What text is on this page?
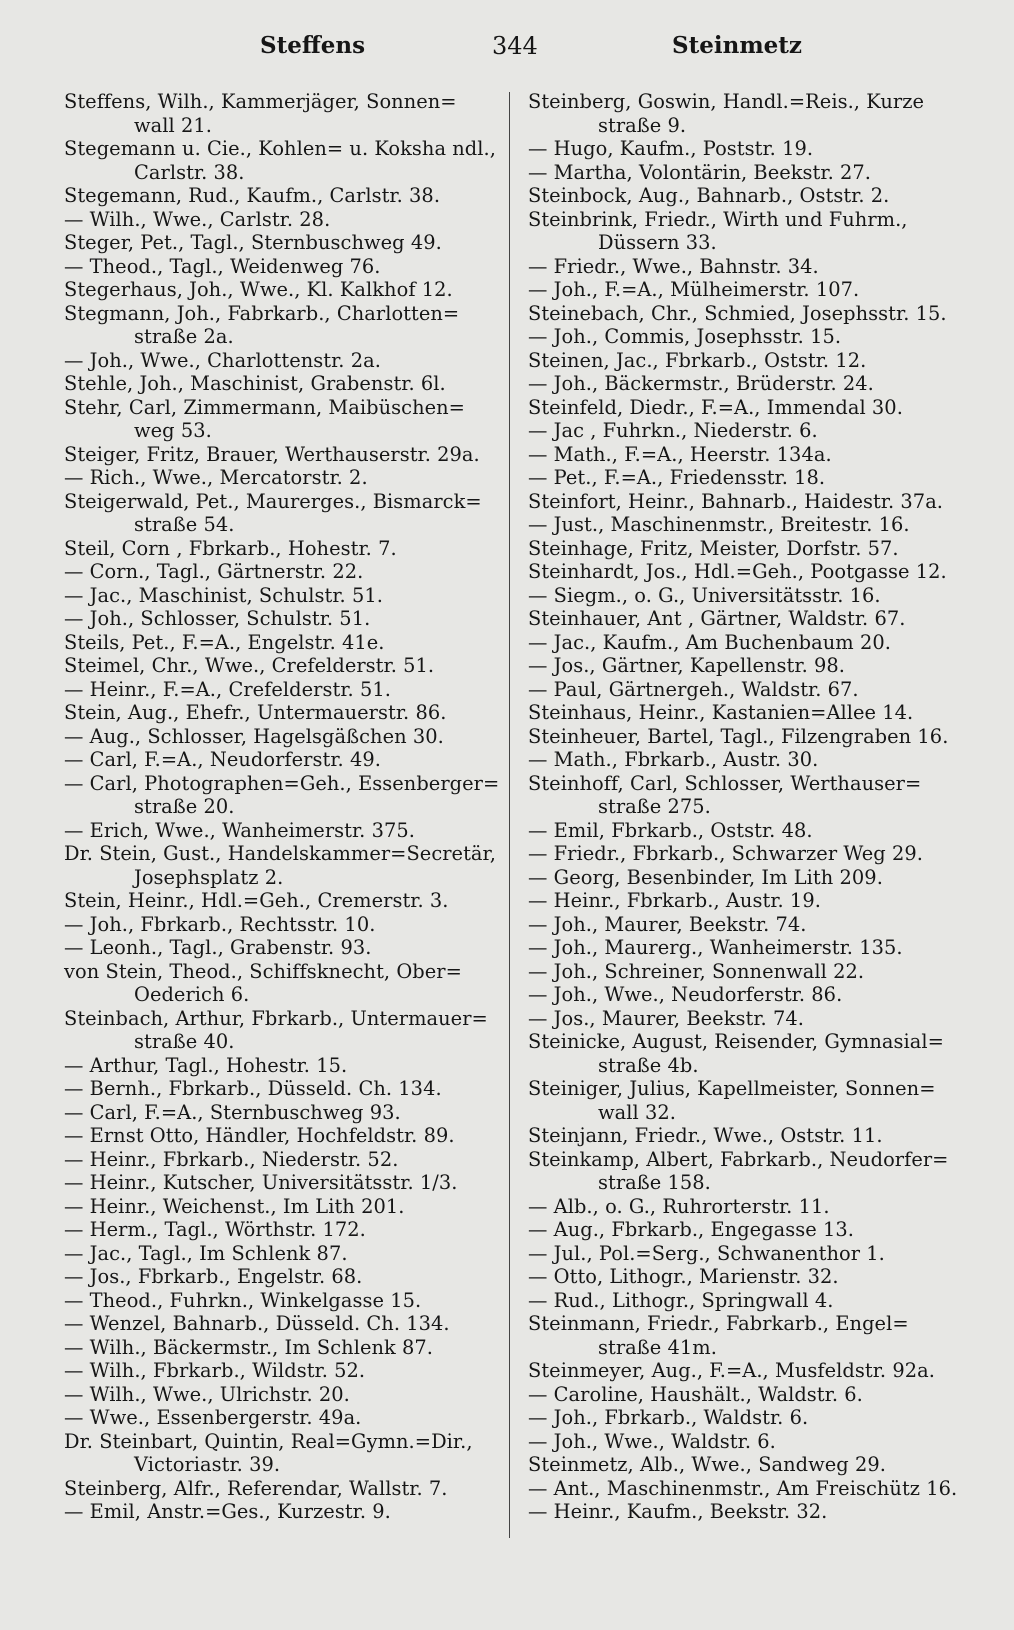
Steffens	344	Steinmetz
Steffens, Wilh., Kammerjäger, Sonnen=
wall 21.
Stegemann u. Cie., Kohlen= u. Koksha ndl.,
Carlstr. 38.
Stegemann, Rud., Kaufm., Carlstr. 38.
— Wilh., Wwe., Carlstr. 28.
Steger, Pet., Tagl., Sternbuschweg 49.
— Theod., Tagl., Weidenweg 76.
Stegerhaus, Joh., Wwe., Kl. Kalkhof 12.
Stegmann, Joh., Fabrkarb., Charlotten=
straße 2a.
— Joh., Wwe., Charlottenstr. 2a.
Stehle, Joh., Maschinist, Grabenstr. 6l.
Stehr, Carl, Zimmermann, Maibüschen=
weg 53.
Steiger, Fritz, Brauer, Werthauserstr. 29a.
— Rich., Wwe., Mercatorstr. 2.
Steigerwald, Pet., Maurerges., Bismarck=
straße 54.
Steil, Corn , Fbrkarb., Hohestr. 7.
— Corn., Tagl., Gärtnerstr. 22.
— Jac., Maschinist, Schulstr. 51.
— Joh., Schlosser, Schulstr. 51.
Steils, Pet., F.=A., Engelstr. 41e.
Steimel, Chr., Wwe., Crefelderstr. 51.
— Heinr., F.=A., Crefelderstr. 51.
Stein, Aug., Ehefr., Untermauerstr. 86.
— Aug., Schlosser, Hagelsgäßchen 30.
— Carl, F.=A., Neudorferstr. 49.
— Carl, Photographen=Geh., Essenberger=
straße 20.
— Erich, Wwe., Wanheimerstr. 375.
Dr. Stein, Gust., Handelskammer=Secretär,
Josephsplatz 2.
Stein, Heinr., Hdl.=Geh., Cremerstr. 3.
— Joh., Fbrkarb., Rechtsstr. 10.
— Leonh., Tagl., Grabenstr. 93.
von Stein, Theod., Schiffsknecht, Ober=
Oederich 6.
Steinbach, Arthur, Fbrkarb., Untermauer=
straße 40.
— Arthur, Tagl., Hohestr. 15.
— Bernh., Fbrkarb., Düsseld. Ch. 134.
— Carl, F.=A., Sternbuschweg 93.
— Ernst Otto, Händler, Hochfeldstr. 89.
— Heinr., Fbrkarb., Niederstr. 52.
— Heinr., Kutscher, Universitätsstr. 1/3.
— Heinr., Weichenst., Im Lith 201.
— Herm., Tagl., Wörthstr. 172.
— Jac., Tagl., Im Schlenk 87.
— Jos., Fbrkarb., Engelstr. 68.
— Theod., Fuhrkn., Winkelgasse 15.
— Wenzel, Bahnarb., Düsseld. Ch. 134.
— Wilh., Bäckermstr., Im Schlenk 87.
— Wilh., Fbrkarb., Wildstr. 52.
— Wilh., Wwe., Ulrichstr. 20.
— Wwe., Essenbergerstr. 49a.
Dr. Steinbart, Quintin, Real=Gymn.=Dir.,
Victoriastr. 39.
Steinberg, Alfr., Referendar, Wallstr. 7.
— Emil, Anstr.=Ges., Kurzestr. 9.
Steinberg, Goswin, Handl.=Reis., Kurze
straße 9.
— Hugo, Kaufm., Poststr. 19.
— Martha, Volontärin, Beekstr. 27.
Steinbock, Aug., Bahnarb., Oststr. 2.
Steinbrink, Friedr., Wirth und Fuhrm.,
Düssern 33.
— Friedr., Wwe., Bahnstr. 34.
— Joh., F.=A., Mülheimerstr. 107.
Steinebach, Chr., Schmied, Josephsstr. 15.
— Joh., Commis, Josephsstr. 15.
Steinen, Jac., Fbrkarb., Oststr. 12.
— Joh., Bäckermstr., Brüderstr. 24.
Steinfeld, Diedr., F.=A., Immendal 30.
— Jac , Fuhrkn., Niederstr. 6.
— Math., F.=A., Heerstr. 134a.
— Pet., F.=A., Friedensstr. 18.
Steinfort, Heinr., Bahnarb., Haidestr. 37a.
— Just., Maschinenmstr., Breitestr. 16.
Steinhage, Fritz, Meister, Dorfstr. 57.
Steinhardt, Jos., Hdl.=Geh., Pootgasse 12.
— Siegm., o. G., Universitätsstr. 16.
Steinhauer, Ant , Gärtner, Waldstr. 67.
— Jac., Kaufm., Am Buchenbaum 20.
— Jos., Gärtner, Kapellenstr. 98.
— Paul, Gärtnergeh., Waldstr. 67.
Steinhaus, Heinr., Kastanien=Allee 14.
Steinheuer, Bartel, Tagl., Filzengraben 16.
— Math., Fbrkarb., Austr. 30.
Steinhoff, Carl, Schlosser, Werthauser=
straße 275.
— Emil, Fbrkarb., Oststr. 48.
— Friedr., Fbrkarb., Schwarzer Weg 29.
— Georg, Besenbinder, Im Lith 209.
— Heinr., Fbrkarb., Austr. 19.
— Joh., Maurer, Beekstr. 74.
— Joh., Maurerg., Wanheimerstr. 135.
— Joh., Schreiner, Sonnenwall 22.
— Joh., Wwe., Neudorferstr. 86.
— Jos., Maurer, Beekstr. 74.
Steinicke, August, Reisender, Gymnasial=
straße 4b.
Steiniger, Julius, Kapellmeister, Sonnen=
wall 32.
Steinjann, Friedr., Wwe., Oststr. 11.
Steinkamp, Albert, Fabrkarb., Neudorfer=
straße 158.
— Alb., o. G., Ruhrorterstr. 11.
— Aug., Fbrkarb., Engegasse 13.
— Jul., Pol.=Serg., Schwanenthor 1.
— Otto, Lithogr., Marienstr. 32.
— Rud., Lithogr., Springwall 4.
Steinmann, Friedr., Fabrkarb., Engel=
straße 41m.
Steinmeyer, Aug., F.=A., Musfeldstr. 92a.
— Caroline, Haushält., Waldstr. 6.
— Joh., Fbrkarb., Waldstr. 6.
— Joh., Wwe., Waldstr. 6.
Steinmetz, Alb., Wwe., Sandweg 29.
— Ant., Maschinenmstr., Am Freischütz 16.
— Heinr., Kaufm., Beekstr. 32.
